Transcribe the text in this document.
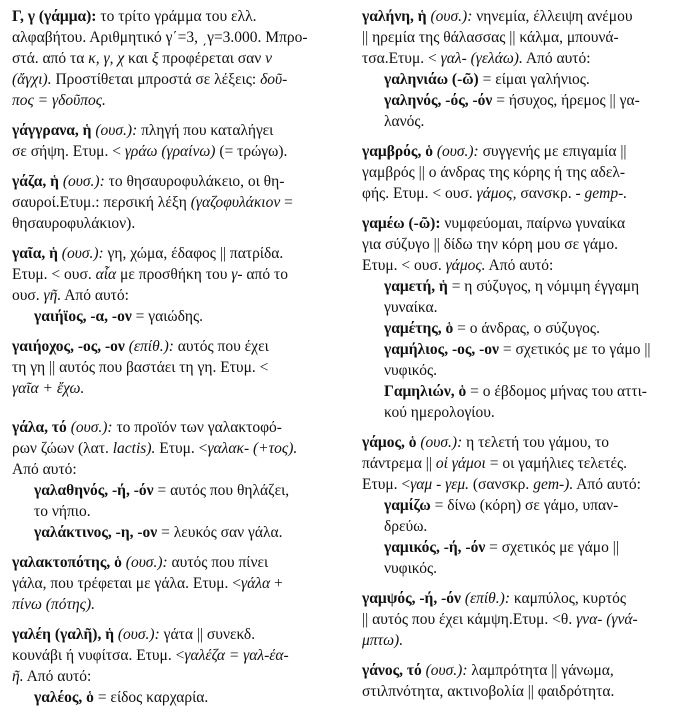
Γ, γ (γάμμα): το τρίτο γράμμα του ελλ.
αλφαβήτου. Αριθμητικό γ΄=3, ͵γ=3.000. Μπρο-
στά. από τα κ, γ, χ και ξ προφέρεται σαν ν
(ἄγχι). Προστίθεται μπροστά σε λέξεις: δοῦ-
πος = γδοῦπος.
γάγγρανα, ἡ (ουσ.): πληγή που καταλήγει
σε σήψη. Ετυμ. < γράω (γραίνω) (= τρώγω).
γάζα, ἡ (ουσ.): το θησαυροφυλάκειο, οι θη-
σαυροί.Ετυμ.: περσική λέξη (γαζοφυλάκιον =
θησαυροφυλάκιον).
γαῖα, ἡ (ουσ.): γη, χώμα, έδαφος || πατρίδα.
Ετυμ. < ουσ. αἶα με προσθήκη του γ- από το
ουσ. γῆ. Από αυτό:
γαιήϊος, -α, -ον = γαιώδης.
γαιήοχος, -ος, -ον (επίθ.): αυτός που έχει
τη γη || αυτός που βαστάει τη γη. Ετυμ. <
γαῖα + ἔχω.
γάλα, τό (ουσ.): το προϊόν των γαλακτοφό-
ρων ζώων (λατ. lactis). Ετυμ. <γαλακ- (+τος).
Από αυτό:
γαλαθηνός, -ή, -όν = αυτός που θηλάζει,
το νήπιο.
γαλάκτινος, -η, -ον = λευκός σαν γάλα.
γαλακτοπότης, ὁ (ουσ.): αυτός που πίνει
γάλα, που τρέφεται με γάλα. Ετυμ. <γάλα +
πίνω (πότης).
γαλέη (γαλῆ), ἡ (ουσ.): γάτα || συνεκδ.
κουνάβι ή νυφίτσα. Ετυμ. <γαλέζα = γαλ-έα-
ῆ. Από αυτό:
γαλέος, ὁ = είδος καρχαρία.
γαλήνη, ἡ (ουσ.): νηνεμία, έλλειψη ανέμου
|| ηρεμία της θάλασσας || κάλμα, μπουνά-
τσα.Ετυμ. < γαλ- (γελάω). Από αυτό:
γαληνιάω (-ῶ) = είμαι γαλήνιος.
γαληνός, -ός, -όν = ήσυχος, ήρεμος || γα-
λανός.
γαμβρός, ὁ (ουσ.): συγγενής με επιγαμία ||
γαμβρός || ο άνδρας της κόρης ή της αδελ-
φής. Ετυμ. < ουσ. γάμος, σανσκρ. - gemp-.
γαμέω (-ῶ): νυμφεύομαι, παίρνω γυναίκα
για σύζυγο || δίδω την κόρη μου σε γάμο.
Ετυμ. < ουσ. γάμος. Από αυτό:
γαμετή, ἡ = η σύζυγος, η νόμιμη έγγαμη
γυναίκα.
γαμέτης, ὁ = ο άνδρας, ο σύζυγος.
γαμήλιος, -ος, -ον = σχετικός με το γάμο ||
νυφικός.
Γαμηλιών, ὁ = ο έβδομος μήνας του αττι-
κού ημερολογίου.
γάμος, ὁ (ουσ.): η τελετή του γάμου, το
πάντρεμα || οἱ γάμοι = οι γαμήλιες τελετές.
Ετυμ. <γαμ - γεμ. (σανσκρ. gem-). Από αυτό:
γαμίζω = δίνω (κόρη) σε γάμο, υπαν-
δρεύω.
γαμικός, -ή, -όν = σχετικός με γάμο ||
νυφικός.
γαμψός, -ή, -όν (επίθ.): καμπύλος, κυρτός
|| αυτός που έχει κάμψη.Ετυμ. <θ. γνα- (γνά-
μπτω).
γάνος, τό (ουσ.): λαμπρότητα || γάνωμα,
στιλπνότητα, ακτινοβολία || φαιδρότητα.
